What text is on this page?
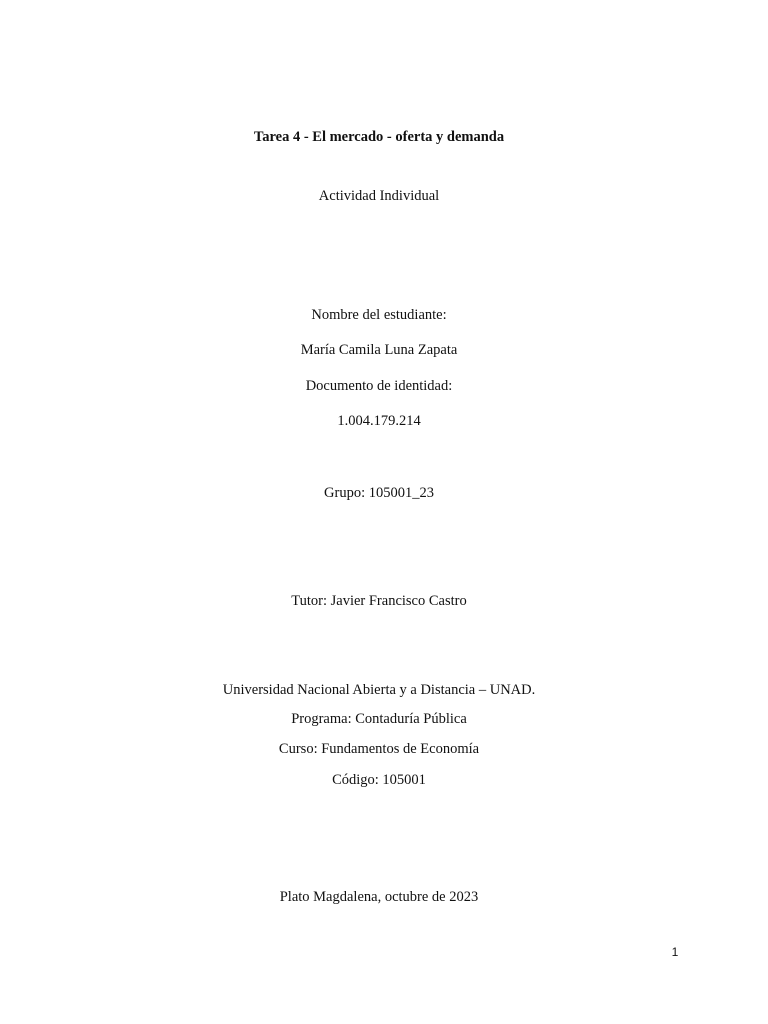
Tarea 4 - El mercado - oferta y demanda
Actividad Individual
Nombre del estudiante:
María Camila Luna Zapata
Documento de identidad:
1.004.179.214
Grupo: 105001_23
Tutor: Javier Francisco Castro
Universidad Nacional Abierta y a Distancia – UNAD.
Programa: Contaduría Pública
Curso: Fundamentos de Economía
Código: 105001
Plato Magdalena, octubre de 2023
1
